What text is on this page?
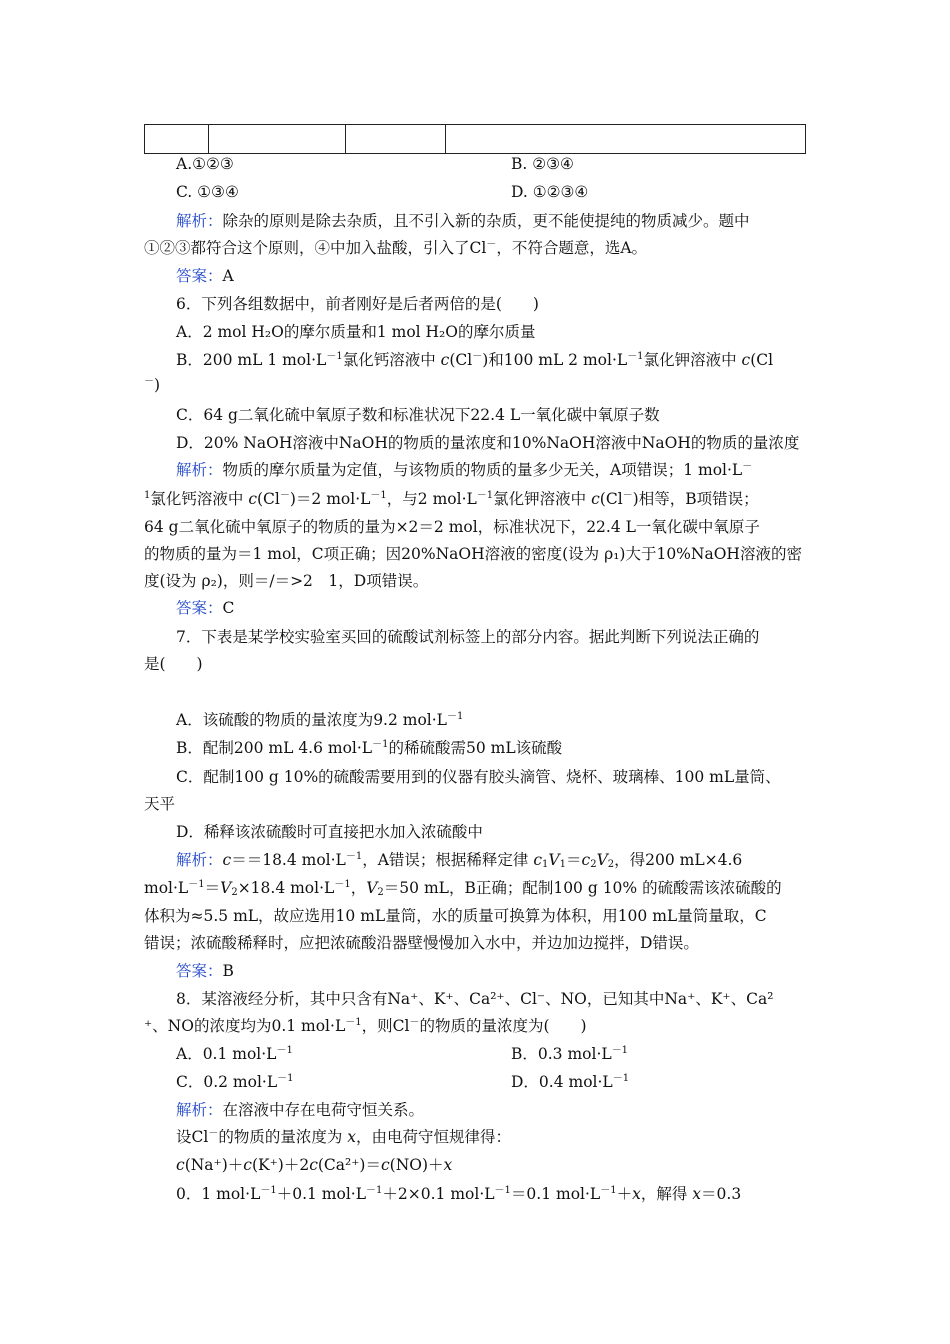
A.①②③	B. ②③④
C. ①③④	D. ①②③④
解析：除杂的原则是除去杂质，且不引入新的杂质，更不能使提纯的物质减少。题中
①②③都符合这个原则，④中加入盐酸，引入了Cl－，不符合题意，选A。
答案：A
6．下列各组数据中，前者刚好是后者两倍的是(　　)
A．2 mol H₂O的摩尔质量和1 mol H₂O的摩尔质量
B．200 mL 1 $mol\cdot L^{-1}$氯化钙溶液中 c(Cl－)和100 mL 2 $mol\cdot L^{-1}$氯化钾溶液中 c(Cl
－)
C．64 g二氧化硫中氧原子数和标准状况下22.4 L一氧化碳中氧原子数
D．20% NaOH溶液中NaOH的物质的量浓度和10%NaOH溶液中NaOH的物质的量浓度
解析：物质的摩尔质量为定值，与该物质的物质的量多少无关，A项错误；1 mol·L－
$^1$氯化钙溶液中 c(Cl－)＝2 $mol\cdot L^{-1}$，与2 $mol\cdot L^{-1}$氯化钾溶液中 c(Cl－)相等，B项错误；
64 g二氧化硫中氧原子的物质的量为×2＝2 mol，标准状况下，22.4 L一氧化碳中氧原子
的物质的量为＝1 mol，C项正确；因20%NaOH溶液的密度(设为 ρ₁)大于10%NaOH溶液的密
度(设为 ρ₂)，则＝/＝>2　1，D项错误。
答案：C
7．下表是某学校实验室买回的硫酸试剂标签上的部分内容。据此判断下列说法正确的
是(　　)
A．该硫酸的物质的量浓度为9.2 $mol\cdot L^{-1}$
B．配制200 mL 4.6 $mol\cdot L^{-1}$的稀硫酸需50 mL该硫酸
C．配制100 g 10%的硫酸需要用到的仪器有胶头滴管、烧杯、玻璃棒、100 mL量筒、
天平
D．稀释该浓硫酸时可直接把水加入浓硫酸中
解析：c＝＝18.4 $mol\cdot L^{-1}$，A错误；根据稀释定律 $c_1V_1=c_2V_2$，得200 mL×4.6
$mol\cdot L^{-1}=V_2\times 18.4$ $mol\cdot L^{-1}$，$V_2=50$ mL，B正确；配制100 g 10% 的硫酸需该浓硫酸的
体积为≈5.5 mL，故应选用10 mL量筒，水的质量可换算为体积，用100 mL量筒量取，C
错误；浓硫酸稀释时，应把浓硫酸沿器壁慢慢加入水中，并边加边搅拌，D错误。
答案：B
8．某溶液经分析，其中只含有Na⁺、K⁺、Ca²⁺、Cl⁻、NO，已知其中Na⁺、K⁺、Ca²
⁺、NO的浓度均为0.1 $mol\cdot L^{-1}$，则Cl－的物质的量浓度为(　　)
A．0.1 $mol\cdot L^{-1}$	B．0.3 $mol\cdot L^{-1}$
C．0.2 $mol\cdot L^{-1}$	D．0.4 $mol\cdot L^{-1}$
解析：在溶液中存在电荷守恒关系。
设Cl－的物质的量浓度为 x，由电荷守恒规律得：
c(Na⁺)＋c(K⁺)＋2c(Ca²⁺)＝c(NO)＋x
0．1 $mol\cdot L^{-1}+0.1$ $mol\cdot L^{-1}+2\times 0.1$ $mol\cdot L^{-1}=0.1$ $mol\cdot L^{-1}+x$，解得 x＝0.3
